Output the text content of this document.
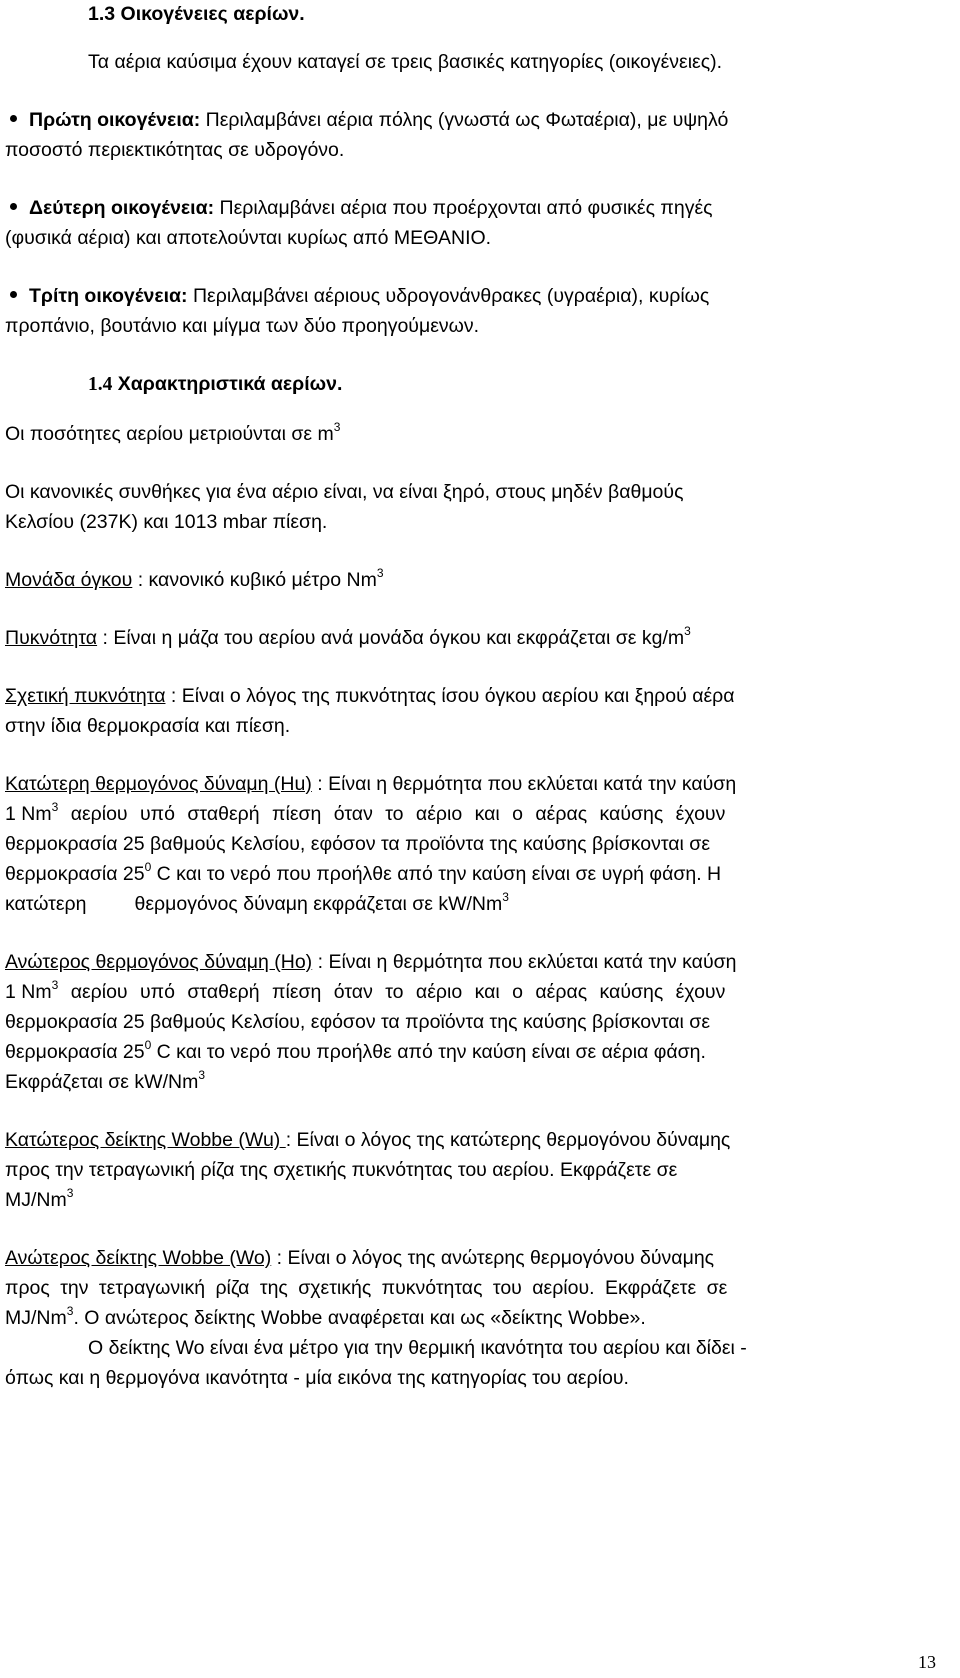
1.3 Οικογένειες αερίων.
Τα αέρια καύσιμα έχουν καταγεί σε τρεις βασικές κατηγορίες (οικογένειες).
Πρώτη οικογένεια: Περιλαμβάνει αέρια πόλης (γνωστά ως Φωταέρια), με υψηλό
ποσοστό περιεκτικότητας σε υδρογόνο.
Δεύτερη οικογένεια: Περιλαμβάνει αέρια που προέρχονται από φυσικές πηγές
(φυσικά αέρια) και αποτελούνται κυρίως από ΜΕΘΑΝΙΟ.
Τρίτη οικογένεια: Περιλαμβάνει αέριους υδρογονάνθρακες (υγραέρια), κυρίως
προπάνιο, βουτάνιο και μίγμα των δύο προηγούμενων.
1.4 Χαρακτηριστικά αερίων.
Οι ποσότητες αερίου μετριούνται σε $m^3$
Οι κανονικές συνθήκες για ένα αέριο είναι, να είναι ξηρό, στους μηδέν βαθμούς
Κελσίου (237Κ) και 1013 mbar πίεση.
Μονάδα όγκου : κανονικό κυβικό μέτρο Nm$^3$
Πυκνότητα : Είναι η μάζα του αερίου ανά μονάδα όγκου και εκφράζεται σε $kg/m^3$
Σχετική πυκνότητα : Είναι ο λόγος της πυκνότητας ίσου όγκου αερίου και ξηρού αέρα
στην ίδια θερμοκρασία και πίεση.
Κατώτερη θερμογόνος δύναμη (Hu) : Είναι η θερμότητα που εκλύεται κατά την καύση
1 Nm$^3$ αερίου υπό σταθερή πίεση όταν το αέριο και ο αέρας καύσης έχουν
θερμοκρασία 25 βαθμούς Κελσίου, εφόσον τα προϊόντα της καύσης βρίσκονται σε
θερμοκρασία $25^0$ C και το νερό που προήλθε από την καύση είναι σε υγρή φάση. Η
κατώτερη θερμογόνος δύναμη εκφράζεται σε kW/Nm$^3$
Ανώτερος θερμογόνος δύναμη (Ho) : Είναι η θερμότητα που εκλύεται κατά την καύση
1 Nm$^3$ αερίου υπό σταθερή πίεση όταν το αέριο και ο αέρας καύσης έχουν
θερμοκρασία 25 βαθμούς Κελσίου, εφόσον τα προϊόντα της καύσης βρίσκονται σε
θερμοκρασία $25^0$ C και το νερό που προήλθε από την καύση είναι σε αέρια φάση.
Εκφράζεται σε kW/Nm$^3$
Κατώτερος δείκτης Wobbe (Wu) : Είναι ο λόγος της κατώτερης θερμογόνου δύναμης
προς την τετραγωνική ρίζα της σχετικής πυκνότητας του αερίου. Εκφράζετε σε
MJ/Nm$^3$
Ανώτερος δείκτης Wobbe (Wo) : Είναι ο λόγος της ανώτερης θερμογόνου δύναμης
προς την τετραγωνική ρίζα της σχετικής πυκνότητας του αερίου. Εκφράζετε σε
MJ/Nm$^3$. Ο ανώτερος δείκτης Wobbe αναφέρεται και ως «δείκτης Wobbe».
Ο δείκτης Wo είναι ένα μέτρο για την θερμική ικανότητα του αερίου και δίδει -
όπως και η θερμογόνα ικανότητα - μία εικόνα της κατηγορίας του αερίου.
13
